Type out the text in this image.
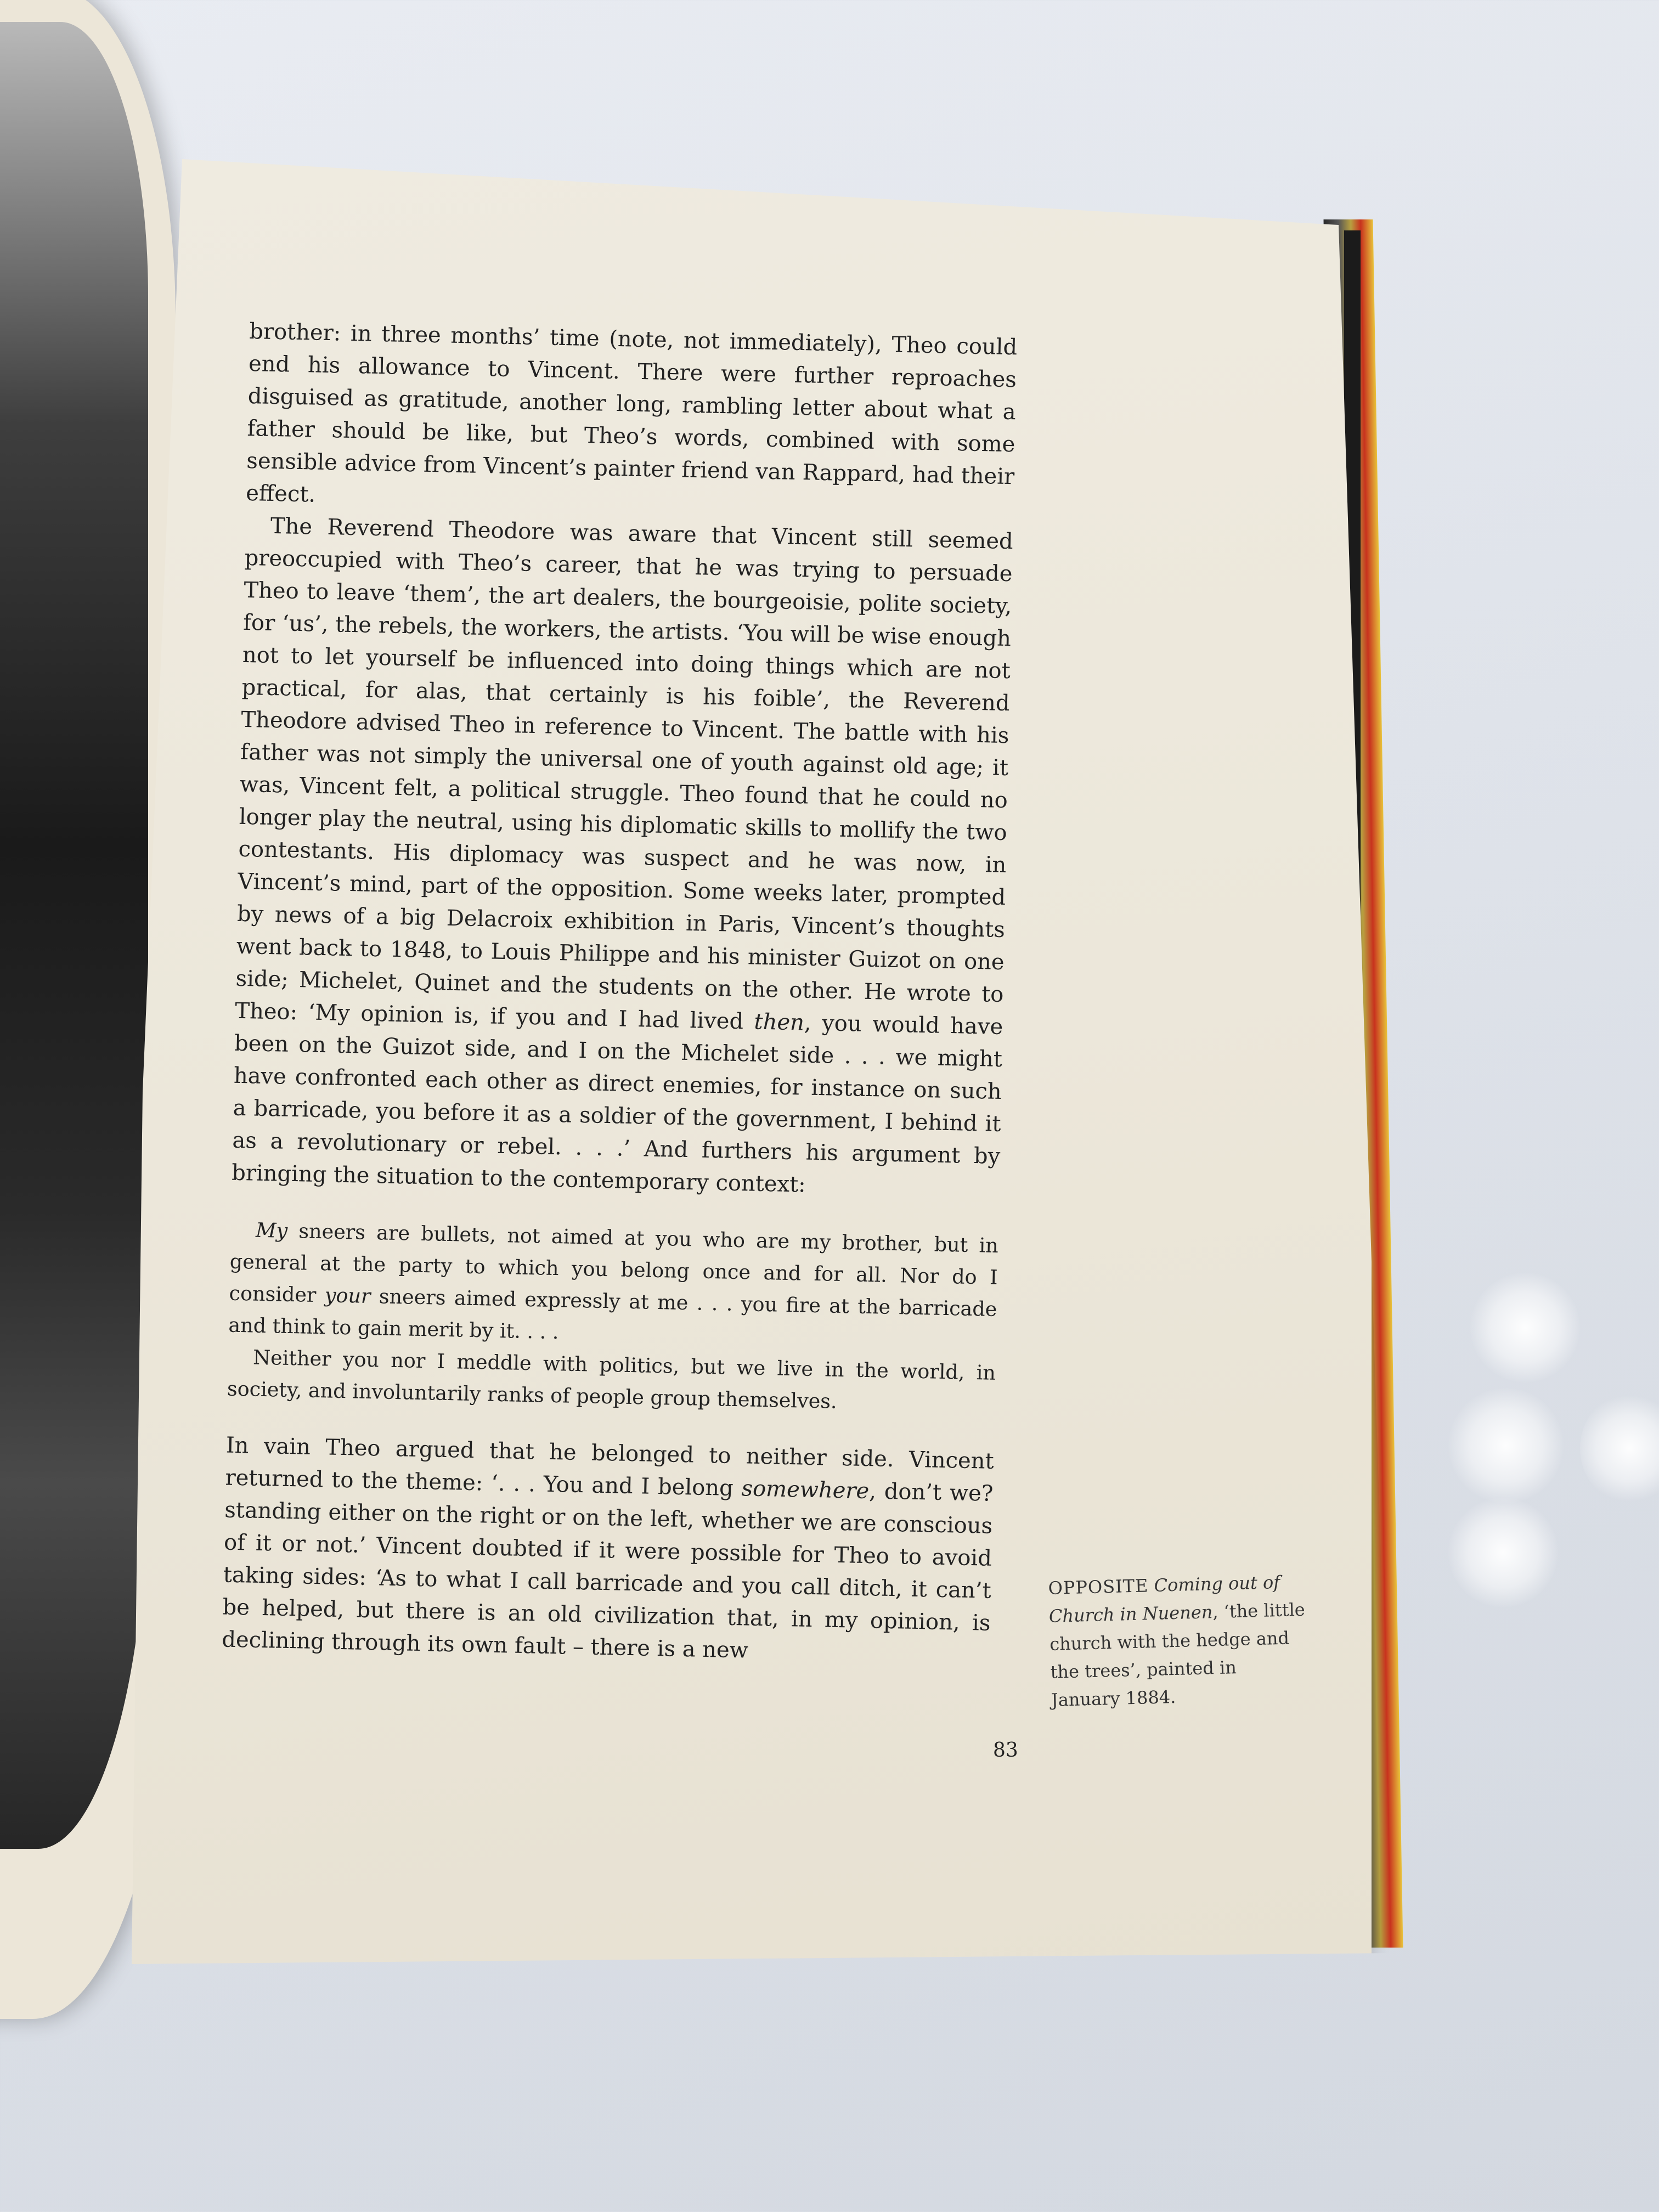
brother: in three months’ time (note, not immediately), Theo could end his allowance to Vincent. There were further reproaches disguised as gratitude, another long, rambling letter about what a father should be like, but Theo’s words, combined with some sensible advice from Vincent’s painter friend van Rappard, had their effect.

The Reverend Theodore was aware that Vincent still seemed preoccupied with Theo’s career, that he was trying to persuade Theo to leave ‘them’, the art dealers, the bourgeoisie, polite society, for ‘us’, the rebels, the workers, the artists. ‘You will be wise enough not to let yourself be influenced into doing things which are not practical, for alas, that certainly is his foible’, the Reverend Theodore advised Theo in reference to Vincent. The battle with his father was not simply the universal one of youth against old age; it was, Vincent felt, a political struggle. Theo found that he could no longer play the neutral, using his diplomatic skills to mollify the two contestants. His diplomacy was suspect and he was now, in Vincent’s mind, part of the opposition. Some weeks later, prompted by news of a big Delacroix exhibition in Paris, Vincent’s thoughts went back to 1848, to Louis Philippe and his minister Guizot on one side; Michelet, Quinet and the students on the other. He wrote to Theo: ‘My opinion is, if you and I had lived then, you would have been on the Guizot side, and I on the Michelet side . . . we might have confronted each other as direct enemies, for instance on such a barricade, you before it as a soldier of the government, I behind it as a revolutionary or rebel. . . .’ And furthers his argument by bringing the situation to the contemporary context:

My sneers are bullets, not aimed at you who are my brother, but in general at the party to which you belong once and for all. Nor do I consider your sneers aimed expressly at me . . . you fire at the barricade and think to gain merit by it. . . .

Neither you nor I meddle with politics, but we live in the world, in society, and involuntarily ranks of people group themselves.

In vain Theo argued that he belonged to neither side. Vincent returned to the theme: ‘. . . You and I belong somewhere, don’t we? standing either on the right or on the left, whether we are conscious of it or not.’ Vincent doubted if it were possible for Theo to avoid taking sides: ‘As to what I call barricade and you call ditch, it can’t be helped, but there is an old civilization that, in my opinion, is declining through its own fault – there is a new

OPPOSITE Coming out of Church in Nuenen, ‘the little church with the hedge and the trees’, painted in January 1884.
83
